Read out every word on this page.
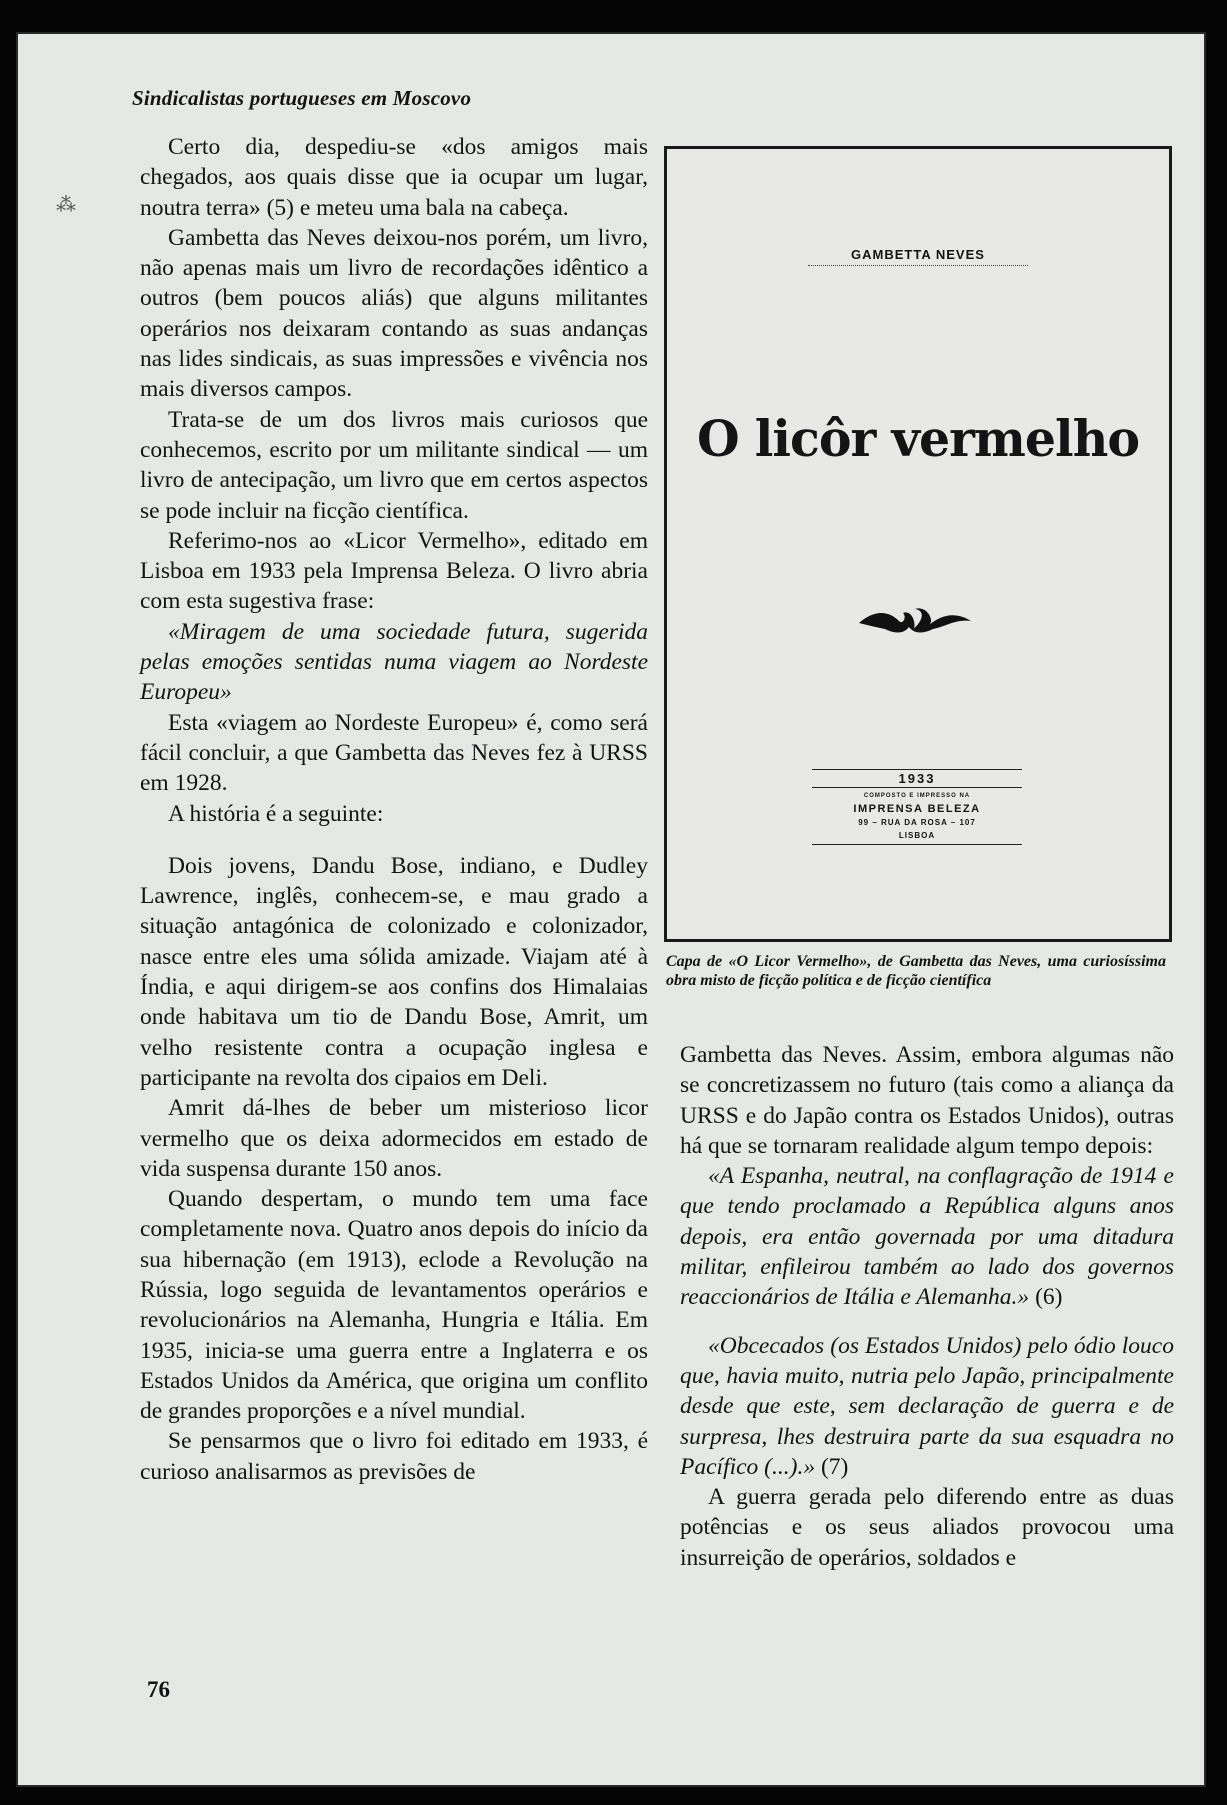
Sindicalistas portugueses em Moscovo

Certo dia, despediu-se «dos amigos mais chegados, aos quais disse que ia ocupar um lugar, noutra terra» (5) e meteu uma bala na cabeça.

Gambetta das Neves deixou-nos porém, um livro, não apenas mais um livro de recordações idêntico a outros (bem poucos aliás) que alguns militantes operários nos deixaram contando as suas andanças nas lides sindicais, as suas impressões e vivência nos mais diversos campos.

Trata-se de um dos livros mais curiosos que conhecemos, escrito por um militante sindical — um livro de antecipação, um livro que em certos aspectos se pode incluir na ficção científica.

Referimo-nos ao «Licor Vermelho», editado em Lisboa em 1933 pela Imprensa Beleza. O livro abria com esta sugestiva frase:

«Miragem de uma sociedade futura, sugerida pelas emoções sentidas numa viagem ao Nordeste Europeu»

Esta «viagem ao Nordeste Europeu» é, como será fácil concluir, a que Gambetta das Neves fez à URSS em 1928.

A história é a seguinte:

Dois jovens, Dandu Bose, indiano, e Dudley Lawrence, inglês, conhecem-se, e mau grado a situação antagónica de colonizado e colonizador, nasce entre eles uma sólida amizade. Viajam até à Índia, e aqui dirigem-se aos confins dos Himalaias onde habitava um tio de Dandu Bose, Amrit, um velho resistente contra a ocupação inglesa e participante na revolta dos cipaios em Deli.

Amrit dá-lhes de beber um misterioso licor vermelho que os deixa adormecidos em estado de vida suspensa durante 150 anos.

Quando despertam, o mundo tem uma face completamente nova. Quatro anos depois do início da sua hibernação (em 1913), eclode a Revolução na Rússia, logo seguida de levantamentos operários e revolucionários na Alemanha, Hungria e Itália. Em 1935, inicia-se uma guerra entre a Inglaterra e os Estados Unidos da América, que origina um conflito de grandes proporções e a nível mundial.

Se pensarmos que o livro foi editado em 1933, é curioso analisarmos as previsões de

GAMBETTA NEVES
O licôr vermelho
1933
COMPOSTO E IMPRESSO NA
IMPRENSA BELEZA
99 – RUA DA ROSA – 107
LISBOA
Capa de «O Licor Vermelho», de Gambetta das Neves, uma curiosíssima obra misto de ficção política e de ficção científica

Gambetta das Neves. Assim, embora algumas não se concretizassem no futuro (tais como a aliança da URSS e do Japão contra os Estados Unidos), outras há que se tornaram realidade algum tempo depois:

«A Espanha, neutral, na conflagração de 1914 e que tendo proclamado a República alguns anos depois, era então governada por uma ditadura militar, enfileirou também ao lado dos governos reaccionários de Itália e Alemanha.» (6)

«Obcecados (os Estados Unidos) pelo ódio louco que, havia muito, nutria pelo Japão, principalmente desde que este, sem declaração de guerra e de surpresa, lhes destruira parte da sua esquadra no Pacífico (...).» (7)

A guerra gerada pelo diferendo entre as duas potências e os seus aliados provocou uma insurreição de operários, soldados e

76
⁂
